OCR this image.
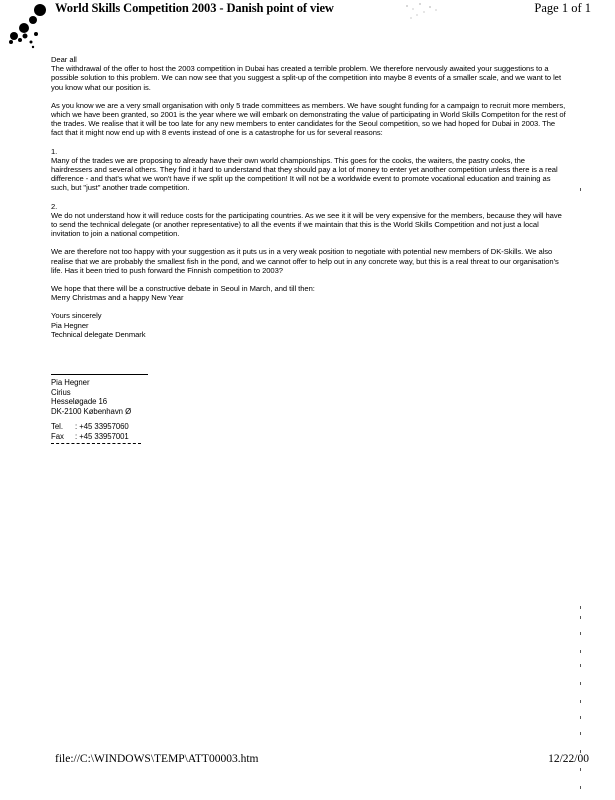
World Skills Competition 2003 - Danish point of view	Page 1 of 1

Dear all

The withdrawal of the offer to host the 2003 competition in Dubai has created a terrible problem. We therefore nervously awaited your suggestions to a possible solution to this problem. We can now see that you suggest a split-up of the competition into maybe 8 events of a smaller scale, and we want to let you know what our position is.

As you know we are a very small organisation with only 5 trade committees as members. We have sought funding for a campaign to recruit more members, which we have been granted, so 2001 is the year where we will embark on demonstrating the value of participating in World Skills Competiton for the rest of the trades. We realise that it will be too late for any new members to enter candidates for the Seoul competition, so we had hoped for Dubai in 2003. The fact that it might now end up with 8 events instead of one is a catastrophe for us for several reasons:

1.

Many of the trades we are proposing to already have their own world championships. This goes for the cooks, the waiters, the pastry cooks, the hairdressers and several others. They find it hard to understand that they should pay a lot of money to enter yet another competition unless there is a real difference - and that's what we won't have if we split up the competition! It will not be a worldwide event to promote vocational education and training as such, but "just" another trade competition.

2.

We do not understand how it will reduce costs for the participating countries. As we see it it will be very expensive for the members, because they will have to send the technical delegate (or another representative) to all the events if we maintain that this is the World Skills Competition and not just a local invitation to join a national competition.

We are therefore not too happy with your suggestion as it puts us in a very weak position to negotiate with potential new members of DK-Skills. We also realise that we are probably the smallest fish in the pond, and we cannot offer to help out in any concrete way, but this is a real threat to our organisation's life. Has it been tried to push forward the Finnish competition to 2003?

We hope that there will be a constructive debate in Seoul in March, and till then:

Merry Christmas and a happy New Year

Yours sincerely

Pia Hegner

Technical delegate Denmark

Pia Hegner

Cirius

Hesseløgade 16

DK-2100 København Ø

Tel.	: +45 33957060
Fax	: +45 33957001
file://C:\WINDOWS\TEMP\ATT00003.htm	12/22/00
